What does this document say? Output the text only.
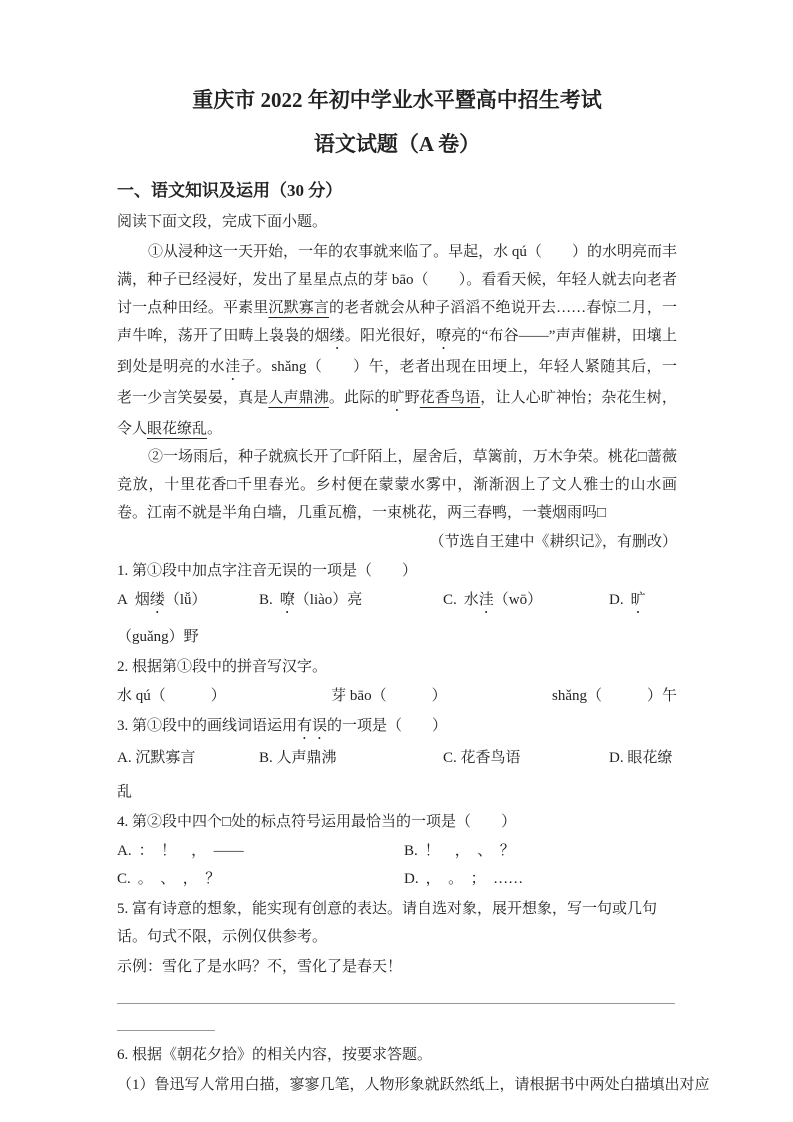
重庆市 2022 年初中学业水平暨高中招生考试
语文试题（A 卷）
一、语文知识及运用（30 分）
阅读下面文段，完成下面小题。

①从浸种这一天开始，一年的农事就来临了。早起，水 qú（　　）的水明亮而丰满，种子已经浸好，发出了星星点点的芽 bāo（　　）。看看天候，年轻人就去向老者讨一点种田经。平素里沉默寡言的老者就会从种子滔滔不绝说开去……春惊二月，一声牛哞，荡开了田畴上袅袅的烟缕。阳光很好，嘹亮的“布谷——”声声催耕，田壤上到处是明亮的水洼子。shǎng（　　）午，老者出现在田埂上，年轻人紧随其后，一老一少言笑晏晏，真是人声鼎沸。此际的旷野花香鸟语，让人心旷神怡；杂花生树，令人眼花缭乱。

②一场雨后，种子就疯长开了□阡陌上，屋舍后，草篱前，万木争荣。桃花□蔷薇竞放，十里花香□千里春光。乡村便在蒙蒙水雾中，渐渐洇上了文人雅士的山水画卷。江南不就是半角白墙，几重瓦檐，一束桃花，两三春鸭，一蓑烟雨吗□

（节选自王建中《耕织记》，有删改）

1. 第①段中加点字注音无误的一项是（　　）

A 烟缕（lǚ）	B. 嘹（liào）亮	C. 水洼（wō）	D. 旷

（guǎng）野

2. 根据第①段中的拼音写汉字。

水 qú（　　　）	芽 bāo（　　　）	shǎng（　　　）午

3. 第①段中的画线词语运用有误的一项是（　　）

A. 沉默寡言	B. 人声鼎沸	C. 花香鸟语	D. 眼花缭

乱

4. 第②段中四个□处的标点符号运用最恰当的一项是（　　）

A. ：　！　，　——	B. ！　，　、　？
C. 。　、　，　？	D. ，　。　；　……

5. 富有诗意的想象，能实现有创意的表达。请自选对象，展开想象，写一句或几句话。句式不限，示例仅供参考。

示例：雪化了是水吗？不，雪化了是春天！

6. 根据《朝花夕拾》的相关内容，按要求答题。

（1）鲁迅写人常用白描，寥寥几笔，人物形象就跃然纸上，请根据书中两处白描填出对应
